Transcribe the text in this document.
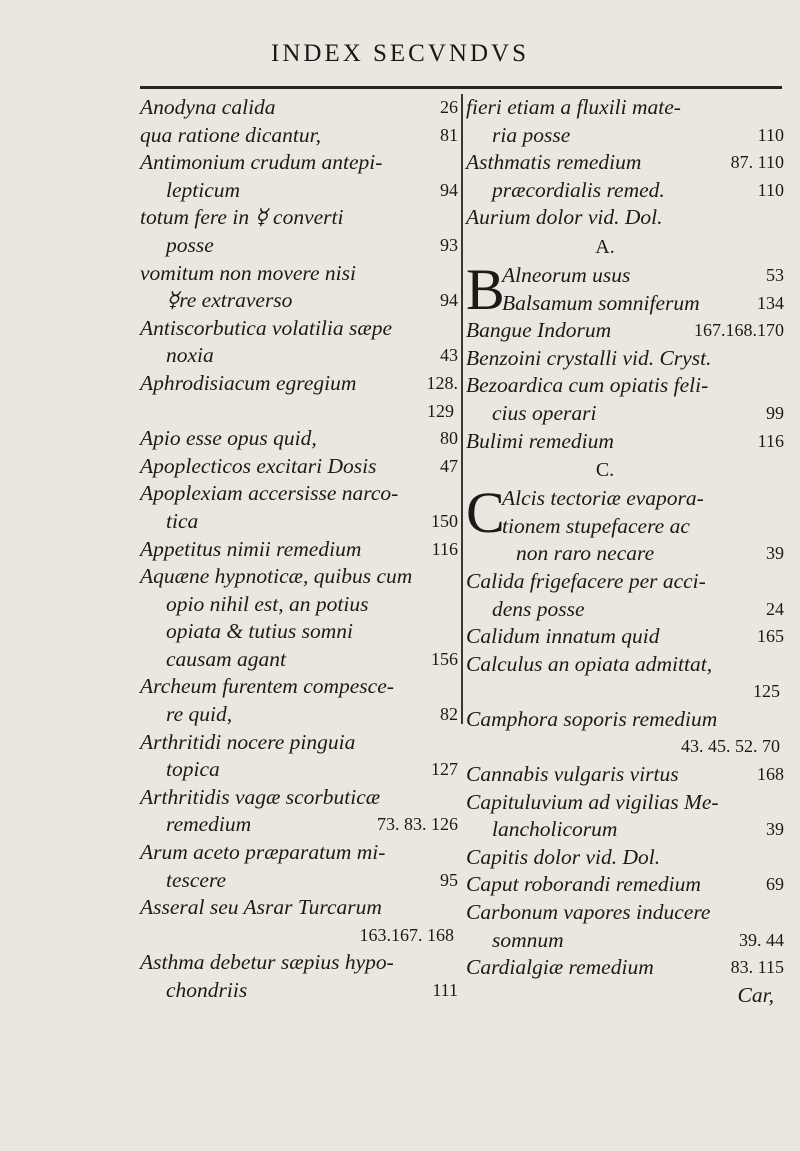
INDEX SECVNDVS
Anodyna calida	26
qua ratione dicantur,	81
Antimonium crudum antepi-
lepticum	94
totum fere in ☿ converti
posse	93
vomitum non movere nisi
☿re extraverso	94
Antiscorbutica volatilia sæpe
noxia	43
Aphrodisiacum egregium	128.
129
Apio esse opus quid,	80
Apoplecticos excitari Dosis	47
Apoplexiam accersisse narco-
tica	150
Appetitus nimii remedium	116
Aquæne hypnoticæ, quibus cum
opio nihil est, an potius
opiata & tutius somni
causam agant	156
Archeum furentem compesce-
re quid,	82
Arthritidi nocere pinguia
topica	127
Arthritidis vagæ scorbuticæ
remedium	73. 83. 126
Arum aceto præparatum mi-
tescere	95
Asseral seu Asrar Turcarum
163.167. 168
Asthma debetur sæpius hypo-
chondriis	111
fieri etiam a fluxili mate-
ria posse	110
Asthmatis remedium	87. 110
præcordialis remed.	110
Aurium dolor vid. Dol.
A.
B
Alneorum usus	53
Balsamum somniferum	134
Bangue Indorum	167.168.170
Benzoini crystalli vid. Cryst.
Bezoardica cum opiatis feli-
cius operari	99
Bulimi remedium	116
C.
C
Alcis tectoriæ evapora-
tionem stupefacere ac
non raro necare	39
Calida frigefacere per acci-
dens posse	24
Calidum innatum quid	165
Calculus an opiata admittat,
125
Camphora soporis remedium
43. 45. 52. 70
Cannabis vulgaris virtus	168
Capituluvium ad vigilias Me-
lancholicorum	39
Capitis dolor vid. Dol.
Caput roborandi remedium	69
Carbonum vapores inducere
somnum	39. 44
Cardialgiæ remedium	83. 115
Car,
